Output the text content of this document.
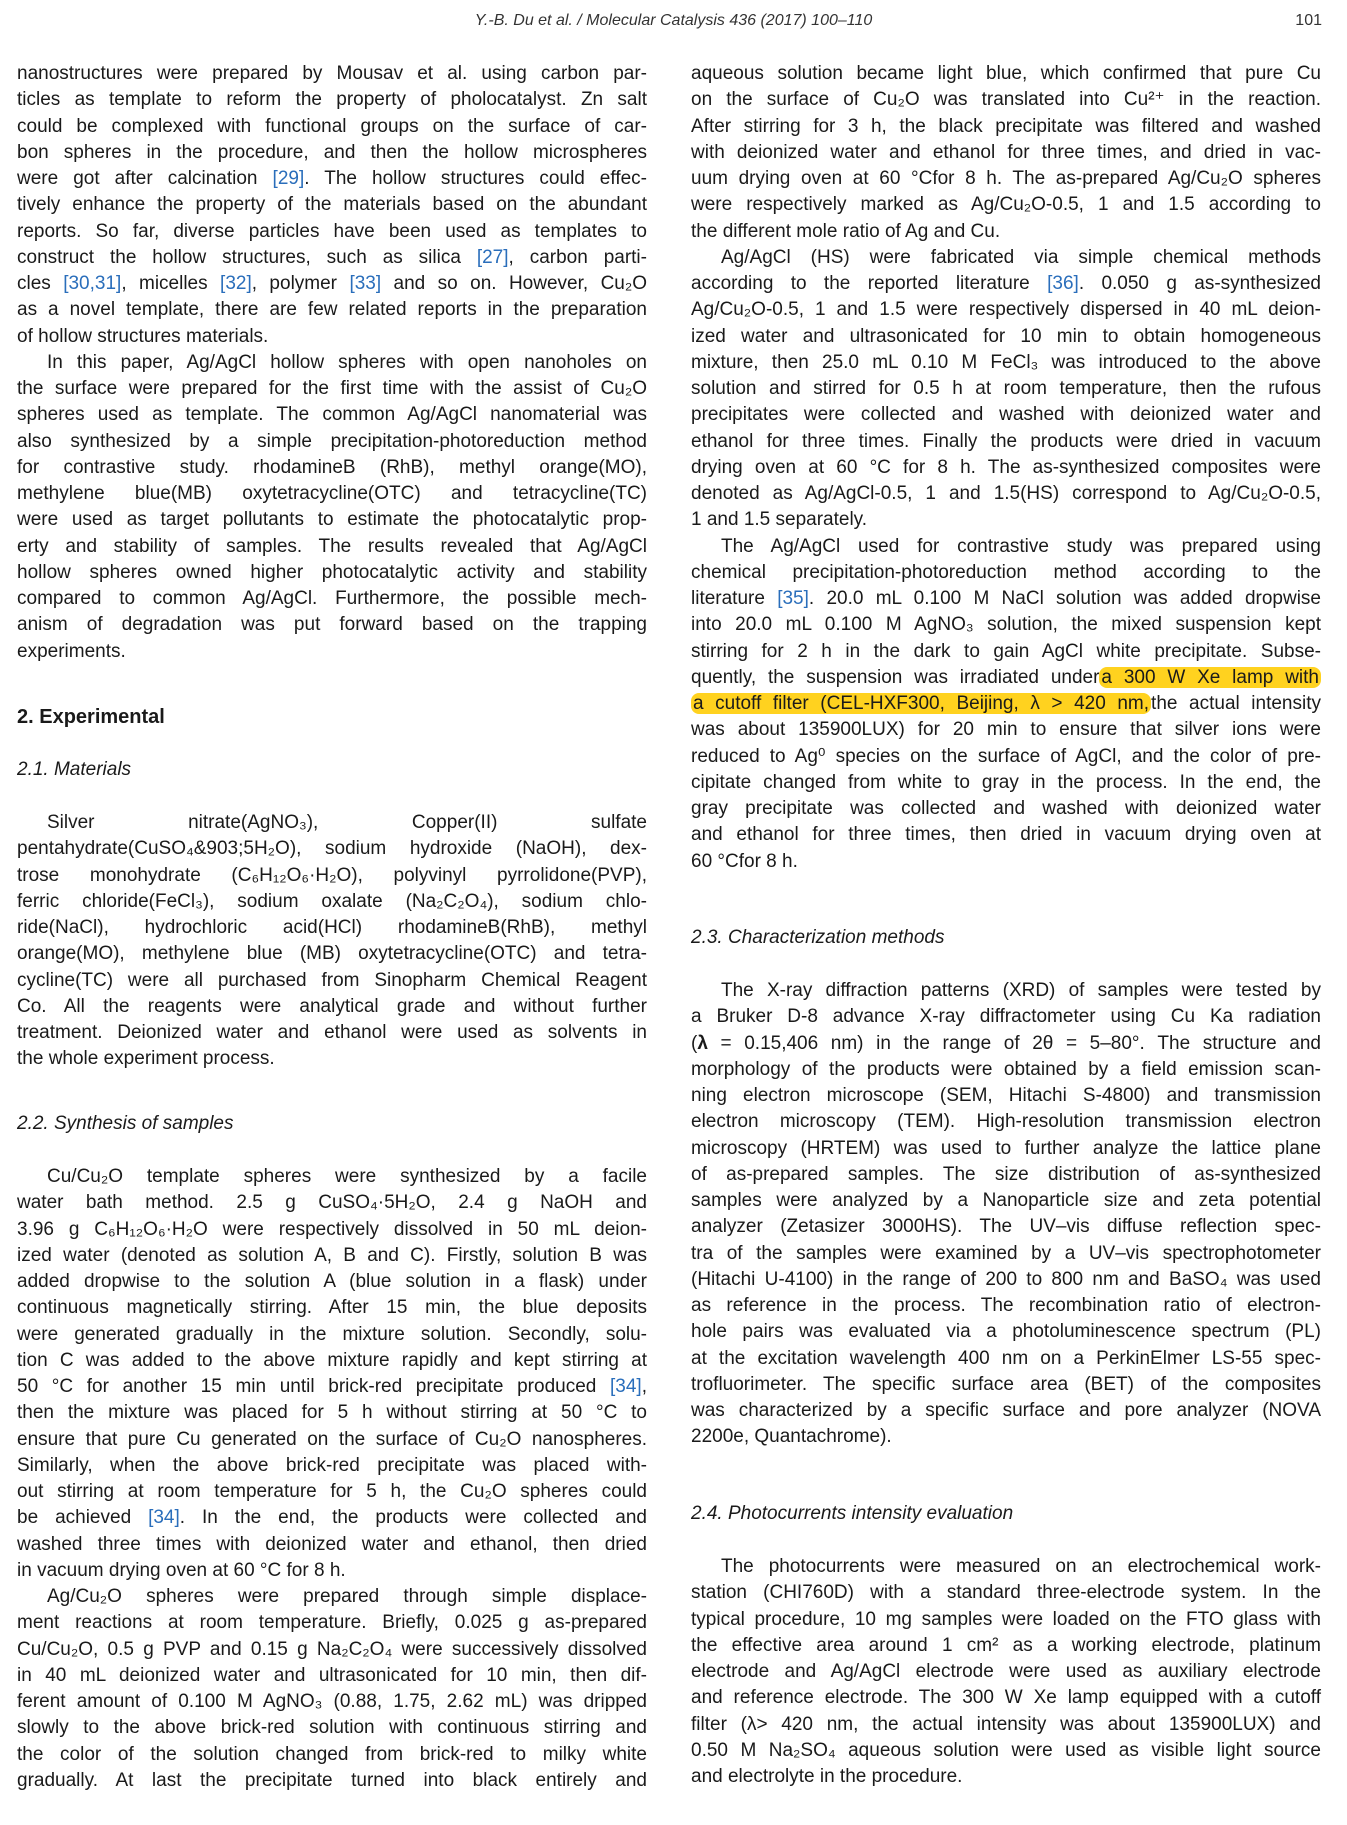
Y.-B. Du et al. / Molecular Catalysis 436 (2017) 100–110	101
nanostructures were prepared by Mousav et al. using carbon par-
ticles as template to reform the property of pholocatalyst. Zn salt
could be complexed with functional groups on the surface of car-
bon spheres in the procedure, and then the hollow microspheres
were got after calcination [29]. The hollow structures could effec-
tively enhance the property of the materials based on the abundant
reports. So far, diverse particles have been used as templates to
construct the hollow structures, such as silica [27], carbon parti-
cles [30,31], micelles [32], polymer [33] and so on. However, Cu₂O
as a novel template, there are few related reports in the preparation
of hollow structures materials.
In this paper, Ag/AgCl hollow spheres with open nanoholes on
the surface were prepared for the first time with the assist of Cu₂O
spheres used as template. The common Ag/AgCl nanomaterial was
also synthesized by a simple precipitation-photoreduction method
for contrastive study. rhodamineB (RhB), methyl orange(MO),
methylene blue(MB) oxytetracycline(OTC) and tetracycline(TC)
were used as target pollutants to estimate the photocatalytic prop-
erty and stability of samples. The results revealed that Ag/AgCl
hollow spheres owned higher photocatalytic activity and stability
compared to common Ag/AgCl. Furthermore, the possible mech-
anism of degradation was put forward based on the trapping
experiments.
2. Experimental
2.1. Materials
Silver nitrate(AgNO₃), Copper(II) sulfate
pentahydrate(CuSO₄&903;5H₂O), sodium hydroxide (NaOH), dex-
trose monohydrate (C₆H₁₂O₆·H₂O), polyvinyl pyrrolidone(PVP),
ferric chloride(FeCl₃), sodium oxalate (Na₂C₂O₄), sodium chlo-
ride(NaCl), hydrochloric acid(HCl) rhodamineB(RhB), methyl
orange(MO), methylene blue (MB) oxytetracycline(OTC) and tetra-
cycline(TC) were all purchased from Sinopharm Chemical Reagent
Co. All the reagents were analytical grade and without further
treatment. Deionized water and ethanol were used as solvents in
the whole experiment process.
2.2. Synthesis of samples
Cu/Cu₂O template spheres were synthesized by a facile
water bath method. 2.5 g CuSO₄·5H₂O, 2.4 g NaOH and
3.96 g C₆H₁₂O₆·H₂O were respectively dissolved in 50 mL deion-
ized water (denoted as solution A, B and C). Firstly, solution B was
added dropwise to the solution A (blue solution in a flask) under
continuous magnetically stirring. After 15 min, the blue deposits
were generated gradually in the mixture solution. Secondly, solu-
tion C was added to the above mixture rapidly and kept stirring at
50 °C for another 15 min until brick-red precipitate produced [34],
then the mixture was placed for 5 h without stirring at 50 °C to
ensure that pure Cu generated on the surface of Cu₂O nanospheres.
Similarly, when the above brick-red precipitate was placed with-
out stirring at room temperature for 5 h, the Cu₂O spheres could
be achieved [34]. In the end, the products were collected and
washed three times with deionized water and ethanol, then dried
in vacuum drying oven at 60 °C for 8 h.
Ag/Cu₂O spheres were prepared through simple displace-
ment reactions at room temperature. Briefly, 0.025 g as-prepared
Cu/Cu₂O, 0.5 g PVP and 0.15 g Na₂C₂O₄ were successively dissolved
in 40 mL deionized water and ultrasonicated for 10 min, then dif-
ferent amount of 0.100 M AgNO₃ (0.88, 1.75, 2.62 mL) was dripped
slowly to the above brick-red solution with continuous stirring and
the color of the solution changed from brick-red to milky white
gradually. At last the precipitate turned into black entirely and
aqueous solution became light blue, which confirmed that pure Cu
on the surface of Cu₂O was translated into Cu²⁺ in the reaction.
After stirring for 3 h, the black precipitate was filtered and washed
with deionized water and ethanol for three times, and dried in vac-
uum drying oven at 60 °Cfor 8 h. The as-prepared Ag/Cu₂O spheres
were respectively marked as Ag/Cu₂O-0.5, 1 and 1.5 according to
the different mole ratio of Ag and Cu.
Ag/AgCl (HS) were fabricated via simple chemical methods
according to the reported literature [36]. 0.050 g as-synthesized
Ag/Cu₂O-0.5, 1 and 1.5 were respectively dispersed in 40 mL deion-
ized water and ultrasonicated for 10 min to obtain homogeneous
mixture, then 25.0 mL 0.10 M FeCl₃ was introduced to the above
solution and stirred for 0.5 h at room temperature, then the rufous
precipitates were collected and washed with deionized water and
ethanol for three times. Finally the products were dried in vacuum
drying oven at 60 °C for 8 h. The as-synthesized composites were
denoted as Ag/AgCl-0.5, 1 and 1.5(HS) correspond to Ag/Cu₂O-0.5,
1 and 1.5 separately.
The Ag/AgCl used for contrastive study was prepared using
chemical precipitation-photoreduction method according to the
literature [35]. 20.0 mL 0.100 M NaCl solution was added dropwise
into 20.0 mL 0.100 M AgNO₃ solution, the mixed suspension kept
stirring for 2 h in the dark to gain AgCl white precipitate. Subse-
quently, the suspension was irradiated under a 300 W Xe lamp with
a cutoff filter (CEL-HXF300, Beijing, λ > 420 nm, the actual intensity
was about 135900LUX) for 20 min to ensure that silver ions were
reduced to Ag⁰ species on the surface of AgCl, and the color of pre-
cipitate changed from white to gray in the process. In the end, the
gray precipitate was collected and washed with deionized water
and ethanol for three times, then dried in vacuum drying oven at
60 °Cfor 8 h.
2.3. Characterization methods
The X-ray diffraction patterns (XRD) of samples were tested by
a Bruker D-8 advance X-ray diffractometer using Cu Ka radiation
(λ = 0.15,406 nm) in the range of 2θ = 5–80°. The structure and
morphology of the products were obtained by a field emission scan-
ning electron microscope (SEM, Hitachi S-4800) and transmission
electron microscopy (TEM). High-resolution transmission electron
microscopy (HRTEM) was used to further analyze the lattice plane
of as-prepared samples. The size distribution of as-synthesized
samples were analyzed by a Nanoparticle size and zeta potential
analyzer (Zetasizer 3000HS). The UV–vis diffuse reflection spec-
tra of the samples were examined by a UV–vis spectrophotometer
(Hitachi U-4100) in the range of 200 to 800 nm and BaSO₄ was used
as reference in the process. The recombination ratio of electron-
hole pairs was evaluated via a photoluminescence spectrum (PL)
at the excitation wavelength 400 nm on a PerkinElmer LS-55 spec-
trofluorimeter. The specific surface area (BET) of the composites
was characterized by a specific surface and pore analyzer (NOVA
2200e, Quantachrome).
2.4. Photocurrents intensity evaluation
The photocurrents were measured on an electrochemical work-
station (CHI760D) with a standard three-electrode system. In the
typical procedure, 10 mg samples were loaded on the FTO glass with
the effective area around 1 cm² as a working electrode, platinum
electrode and Ag/AgCl electrode were used as auxiliary electrode
and reference electrode. The 300 W Xe lamp equipped with a cutoff
filter (λ> 420 nm, the actual intensity was about 135900LUX) and
0.50 M Na₂SO₄ aqueous solution were used as visible light source
and electrolyte in the procedure.
